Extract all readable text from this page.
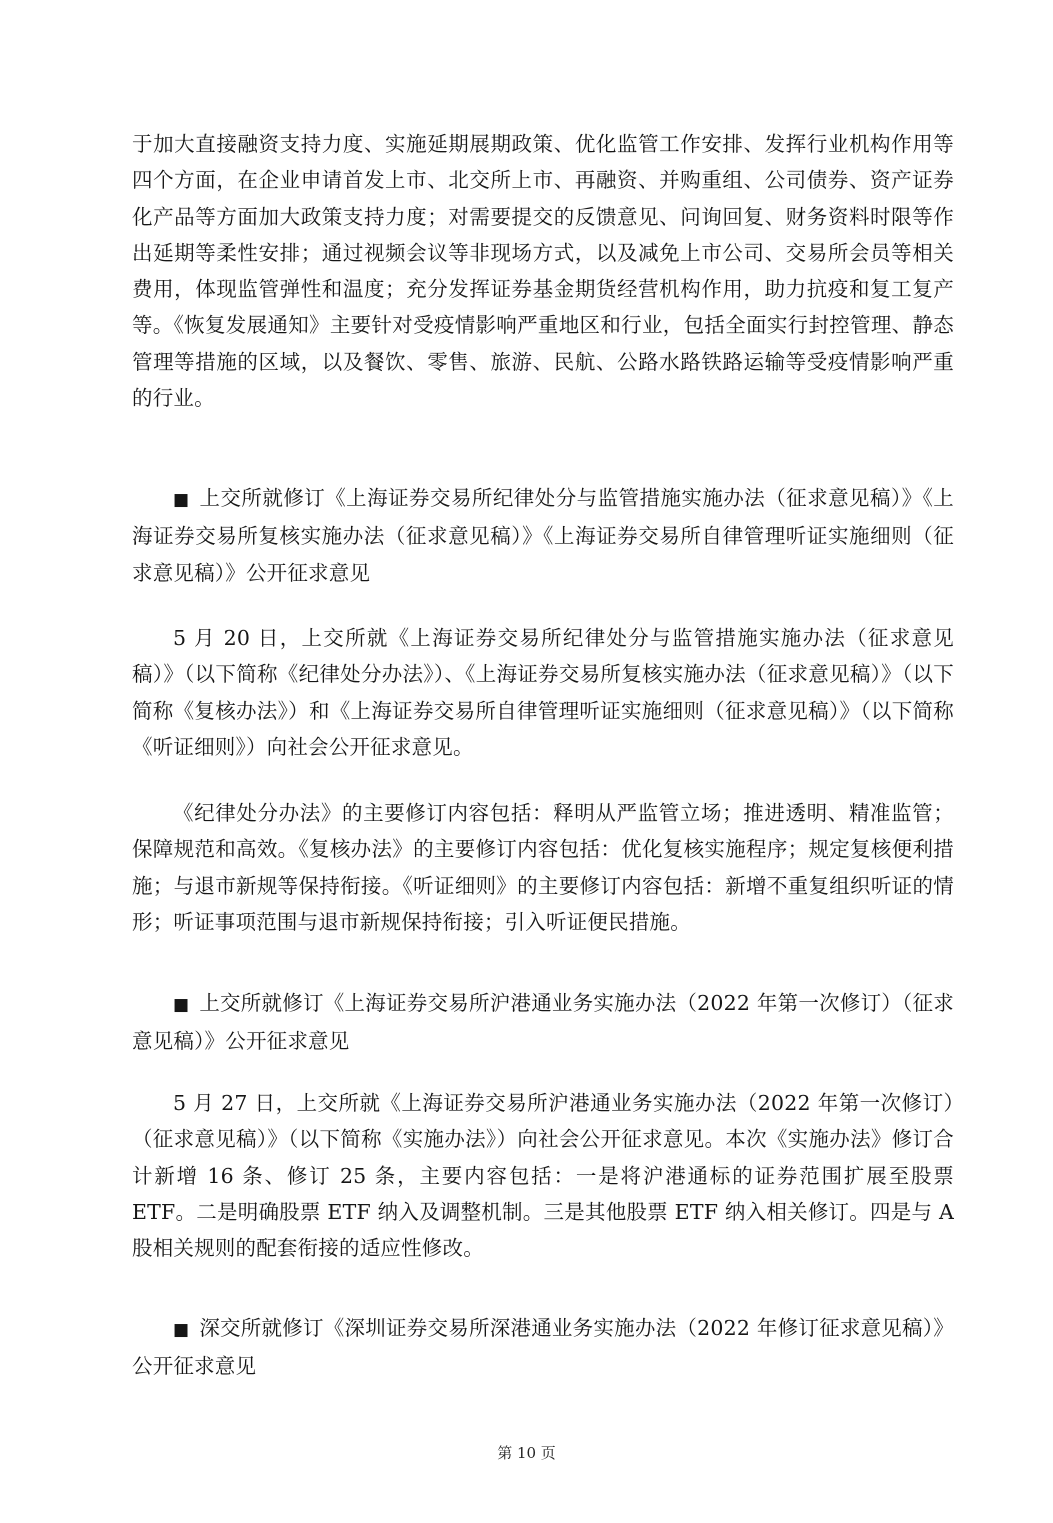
于加大直接融资支持力度、实施延期展期政策、优化监管工作安排、发挥行业机构作用等四个方面，在企业申请首发上市、北交所上市、再融资、并购重组、公司债券、资产证券化产品等方面加大政策支持力度；对需要提交的反馈意见、问询回复、财务资料时限等作出延期等柔性安排；通过视频会议等非现场方式，以及减免上市公司、交易所会员等相关费用，体现监管弹性和温度；充分发挥证券基金期货经营机构作用，助力抗疫和复工复产等。《恢复发展通知》主要针对受疫情影响严重地区和行业，包括全面实行封控管理、静态管理等措施的区域，以及餐饮、零售、旅游、民航、公路水路铁路运输等受疫情影响严重的行业。

■ 上交所就修订《上海证券交易所纪律处分与监管措施实施办法（征求意见稿）》《上海证券交易所复核实施办法（征求意见稿）》《上海证券交易所自律管理听证实施细则（征求意见稿）》公开征求意见

5 月 20 日，上交所就《上海证券交易所纪律处分与监管措施实施办法（征求意见稿）》（以下简称《纪律处分办法》）、《上海证券交易所复核实施办法（征求意见稿）》（以下简称《复核办法》）和《上海证券交易所自律管理听证实施细则（征求意见稿）》（以下简称《听证细则》）向社会公开征求意见。

《纪律处分办法》的主要修订内容包括：释明从严监管立场；推进透明、精准监管；保障规范和高效。《复核办法》的主要修订内容包括：优化复核实施程序；规定复核便利措施；与退市新规等保持衔接。《听证细则》的主要修订内容包括：新增不重复组织听证的情形；听证事项范围与退市新规保持衔接；引入听证便民措施。

■ 上交所就修订《上海证券交易所沪港通业务实施办法（2022 年第一次修订）（征求意见稿）》公开征求意见

5 月 27 日，上交所就《上海证券交易所沪港通业务实施办法（2022 年第一次修订）（征求意见稿）》（以下简称《实施办法》）向社会公开征求意见。本次《实施办法》修订合计新增 16 条、修订 25 条，主要内容包括：一是将沪港通标的证券范围扩展至股票 ETF。二是明确股票 ETF 纳入及调整机制。三是其他股票 ETF 纳入相关修订。四是与 A 股相关规则的配套衔接的适应性修改。

■ 深交所就修订《深圳证券交易所深港通业务实施办法（2022 年修订征求意见稿）》公开征求意见

第 10 页
